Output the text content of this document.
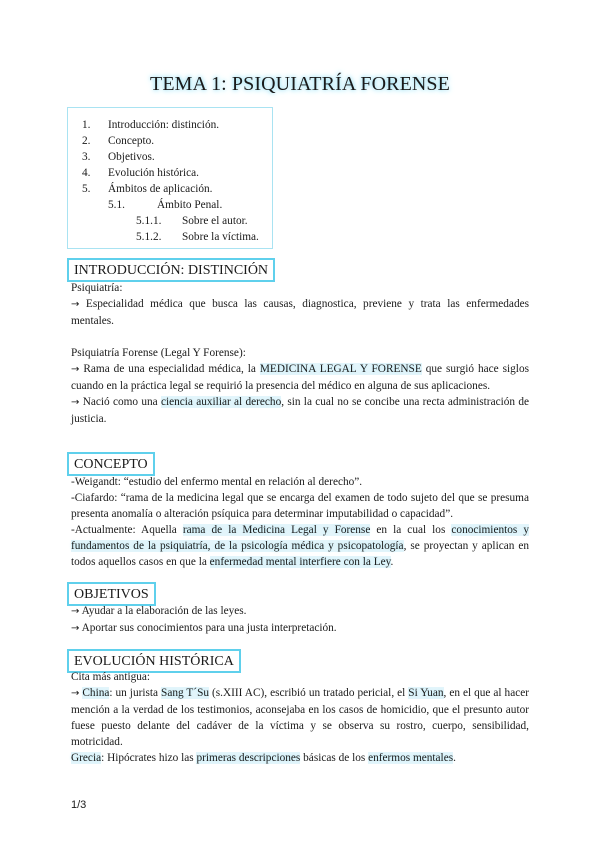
TEMA 1: PSIQUIATRÍA FORENSE
1. Introducción: distinción.
2. Concepto.
3. Objetivos.
4. Evolución histórica.
5. Ámbitos de aplicación.
5.1.	Ámbito Penal.
5.1.1. Sobre el autor.
5.1.2. Sobre la víctima.
INTRODUCCIÓN: DISTINCIÓN
Psiquiatría:
→ Especialidad médica que busca las causas, diagnostica, previene y trata las enfermedades mentales.
Psiquiatría Forense (Legal Y Forense):
→ Rama de una especialidad médica, la MEDICINA LEGAL Y FORENSE que surgió hace siglos cuando en la práctica legal se requirió la presencia del médico en alguna de sus aplicaciones.
→ Nació como una ciencia auxiliar al derecho, sin la cual no se concibe una recta administración de justicia.
CONCEPTO
-Weigandt: “estudio del enfermo mental en relación al derecho”.
-Ciafardo: “rama de la medicina legal que se encarga del examen de todo sujeto del que se presuma presenta anomalía o alteración psíquica para determinar imputabilidad o capacidad”.
-Actualmente: Aquella rama de la Medicina Legal y Forense en la cual los conocimientos y fundamentos de la psiquiatría, de la psicología médica y psicopatología, se proyectan y aplican en todos aquellos casos en que la enfermedad mental interfiere con la Ley.
OBJETIVOS
→ Ayudar a la elaboración de las leyes.
→ Aportar sus conocimientos para una justa interpretación.
EVOLUCIÓN HISTÓRICA
Cita más antigua:
→ China: un jurista Sang T´Su (s.XIII AC), escribió un tratado pericial, el Si Yuan, en el que al hacer mención a la verdad de los testimonios, aconsejaba en los casos de homicidio, que el presunto autor fuese puesto delante del cadáver de la víctima y se observa su rostro, cuerpo, sensibilidad, motricidad.
Grecia: Hipócrates hizo las primeras descripciones básicas de los enfermos mentales.
1/3
